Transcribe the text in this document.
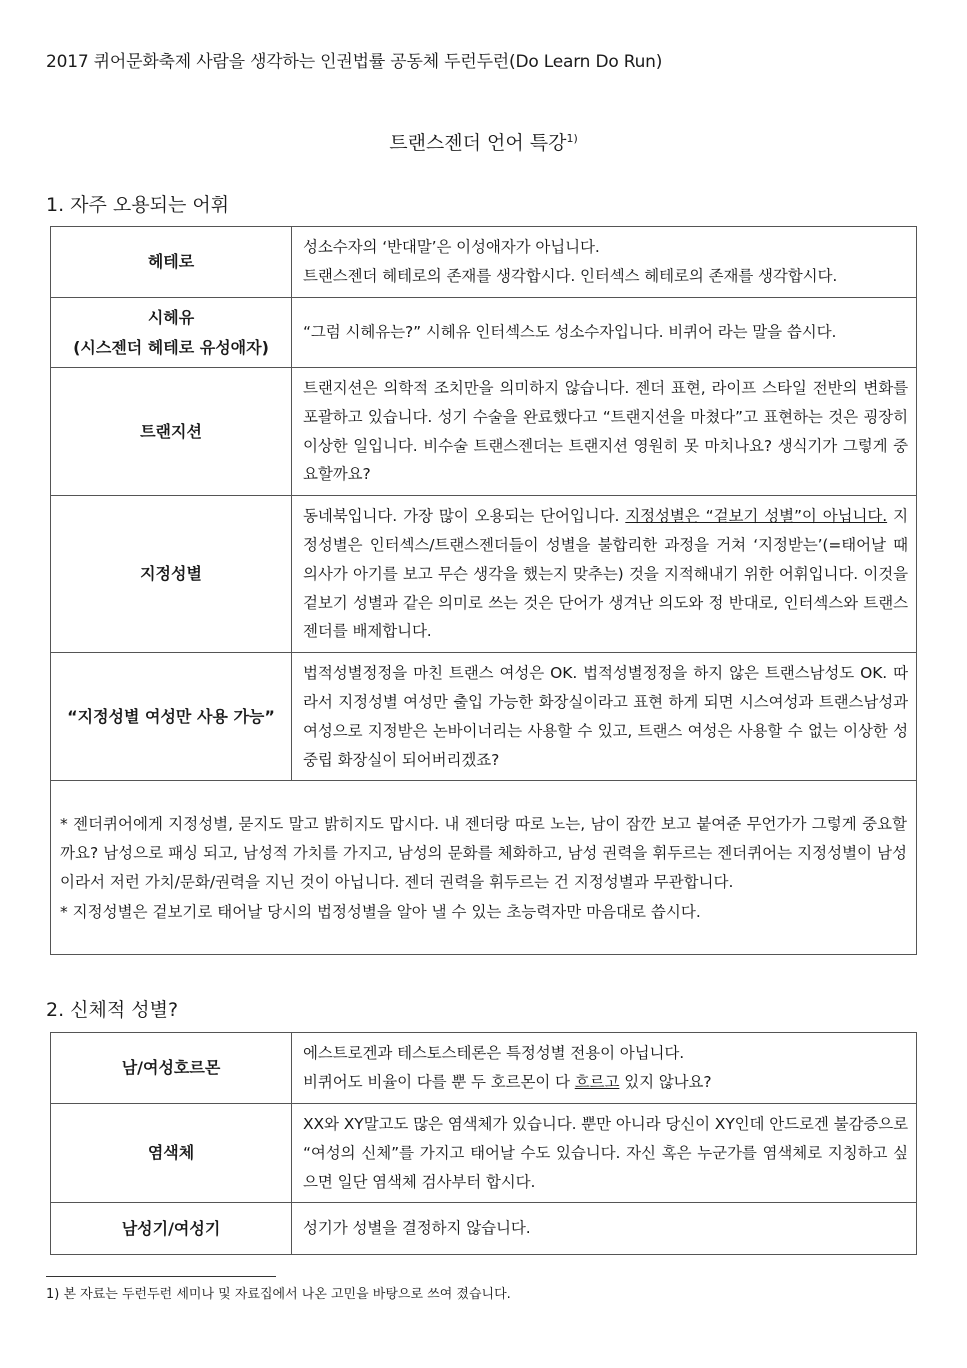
2017 퀴어문화축제 사람을 생각하는 인권법률 공동체 두런두런(Do Learn Do Run)
트랜스젠더 언어 특강$^{1)}$
1. 자주 오용되는 어휘
헤테로	성소수자의 ‘반대말’은 이성애자가 아닙니다.
트랜스젠더 헤테로의 존재를 생각합시다. 인터섹스 헤테로의 존재를 생각합시다.

시헤유
(시스젠더 헤테로 유성애자)	“그럼 시헤유는?” 시헤유 인터섹스도 성소수자입니다. 비퀴어 라는 말을 씁시다.

트랜지션	트랜지션은 의학적 조치만을 의미하지 않습니다. 젠더 표현, 라이프 스타일 전반의 변화를 포괄하고 있습니다. 성기 수술을 완료했다고 “트랜지션을 마쳤다”고 표현하는 것은 굉장히 이상한 일입니다. 비수술 트랜스젠더는 트랜지션 영원히 못 마치나요? 생식기가 그렇게 중요할까요?

지정성별	동네북입니다. 가장 많이 오용되는 단어입니다. 지정성별은 “겉보기 성별”이 아닙니다. 지정성별은 인터섹스/트랜스젠더들이 성별을 불합리한 과정을 거쳐 ‘지정받는’(=태어날 때 의사가 아기를 보고 무슨 생각을 했는지 맞추는) 것을 지적해내기 위한 어휘입니다. 이것을 겉보기 성별과 같은 의미로 쓰는 것은 단어가 생겨난 의도와 정 반대로, 인터섹스와 트랜스젠더를 배제합니다.

“지정성별 여성만 사용 가능”	법적성별정정을 마친 트랜스 여성은 OK. 법적성별정정을 하지 않은 트랜스남성도 OK. 따라서 지정성별 여성만 출입 가능한 화장실이라고 표현 하게 되면 시스여성과 트랜스남성과 여성으로 지정받은 논바이너리는 사용할 수 있고, 트랜스 여성은 사용할 수 없는 이상한 성중립 화장실이 되어버리겠죠?

* 젠더퀴어에게 지정성별, 묻지도 말고 밝히지도 맙시다. 내 젠더랑 따로 노는, 남이 잠깐 보고 붙여준 무언가가 그렇게 중요할까요? 남성으로 패싱 되고, 남성적 가치를 가지고, 남성의 문화를 체화하고, 남성 권력을 휘두르는 젠더퀴어는 지정성별이 남성이라서 저런 가치/문화/권력을 지닌 것이 아닙니다. 젠더 권력을 휘두르는 건 지정성별과 무관합니다.
* 지정성별은 겉보기로 태어날 당시의 법정성별을 알아 낼 수 있는 초능력자만 마음대로 씁시다.	
2. 신체적 성별?
남/여성호르몬	에스트로겐과 테스토스테론은 특정성별 전용이 아닙니다.
비퀴어도 비율이 다를 뿐 두 호르몬이 다 흐르고 있지 않나요?

염색체	XX와 XY말고도 많은 염색체가 있습니다. 뿐만 아니라 당신이 XY인데 안드로겐 불감증으로 “여성의 신체”를 가지고 태어날 수도 있습니다. 자신 혹은 누군가를 염색체로 지칭하고 싶으면 일단 염색체 검사부터 합시다.

남성기/여성기	성기가 성별을 결정하지 않습니다.
1) 본 자료는 두런두런 세미나 및 자료집에서 나온 고민을 바탕으로 쓰여 졌습니다.
